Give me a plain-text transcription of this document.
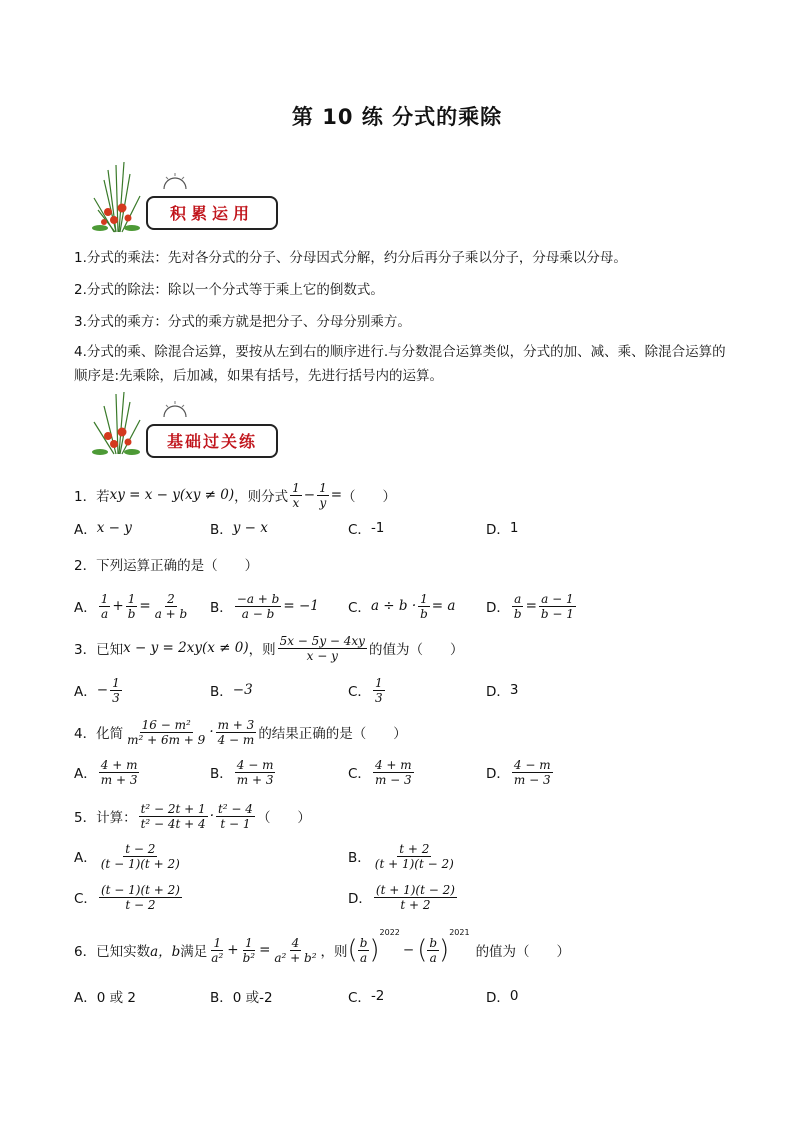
第 10 练 分式的乘除
积累运用
1.分式的乘法：先对各分式的分子、分母因式分解，约分后再分子乘以分子，分母乘以分母。
2.分式的除法：除以一个分式等于乘上它的倒数式。
3.分式的乘方：分式的乘方就是把分子、分母分别乘方。
4.分式的乘、除混合运算，要按从左到右的顺序进行.与分数混合运算类似，分式的加、减、乘、除混合运算的顺序是:先乘除，后加减，如果有括号，先进行括号内的运算。
基础过关练
1．若 xy = x − y(xy ≠ 0) ，则分式 $\frac{1}{x} - \frac{1}{y}$ = （　　）
A． x − y	B． y − x	C． -1	D． 1
2．下列运算正确的是（　　）
A． $\frac{1}{a} + \frac{1}{b} = \frac{2}{a + b}$ B． $\frac{-a + b}{a - b} = -1$ C． $a \div b \cdot \frac{1}{b} = a$ D． $\frac{a}{b} = \frac{a - 1}{b - 1}$
3．已知 x − y = 2xy(x ≠ 0) ，则 $\frac{5x - 5y - 4xy}{x - y}$ 的值为（　　）
A． − $\frac{1}{3}$	B． −3	C． $\frac{1}{3}$	D． 3
4．化简 $\frac{\text{16 − m²}}{\text{m² + 6m + 9}} \cdot \frac{m + 3}{4 - m}$ 的结果正确的是（　　）
A． $\frac{4 + m}{m + 3}$	B． $\frac{4 - m}{m + 3}$	C． $\frac{4 + m}{m - 3}$	D． $\frac{4 - m}{m - 3}$
5．计算： $\frac{\text{t² − 2t + 1}}{\text{t² − 4t + 4}} \cdot \frac{\text{t² − 4}}{t - 1}$ （　　）
A． $\frac{t - 2}{(t - 1)(t + 2)}$	B． $\frac{t + 2}{(t + 1)(t - 2)}$
C． $\frac{(t - 1)(t + 2)}{t - 2}$	D． $\frac{(t + 1)(t - 2)}{t + 2}$
6．已知实数 a，b 满足 $\frac{1}{\text{a²}} + \frac{1}{\text{b²}} = \frac{4}{\text{a² + b²}}$ ，则 ( $\frac{b}{a}$ )
2022
− ( $\frac{b}{a}$ )
2021
的值为（　　）
A． 0 或 2	B． 0 或-2	C． -2	D． 0
